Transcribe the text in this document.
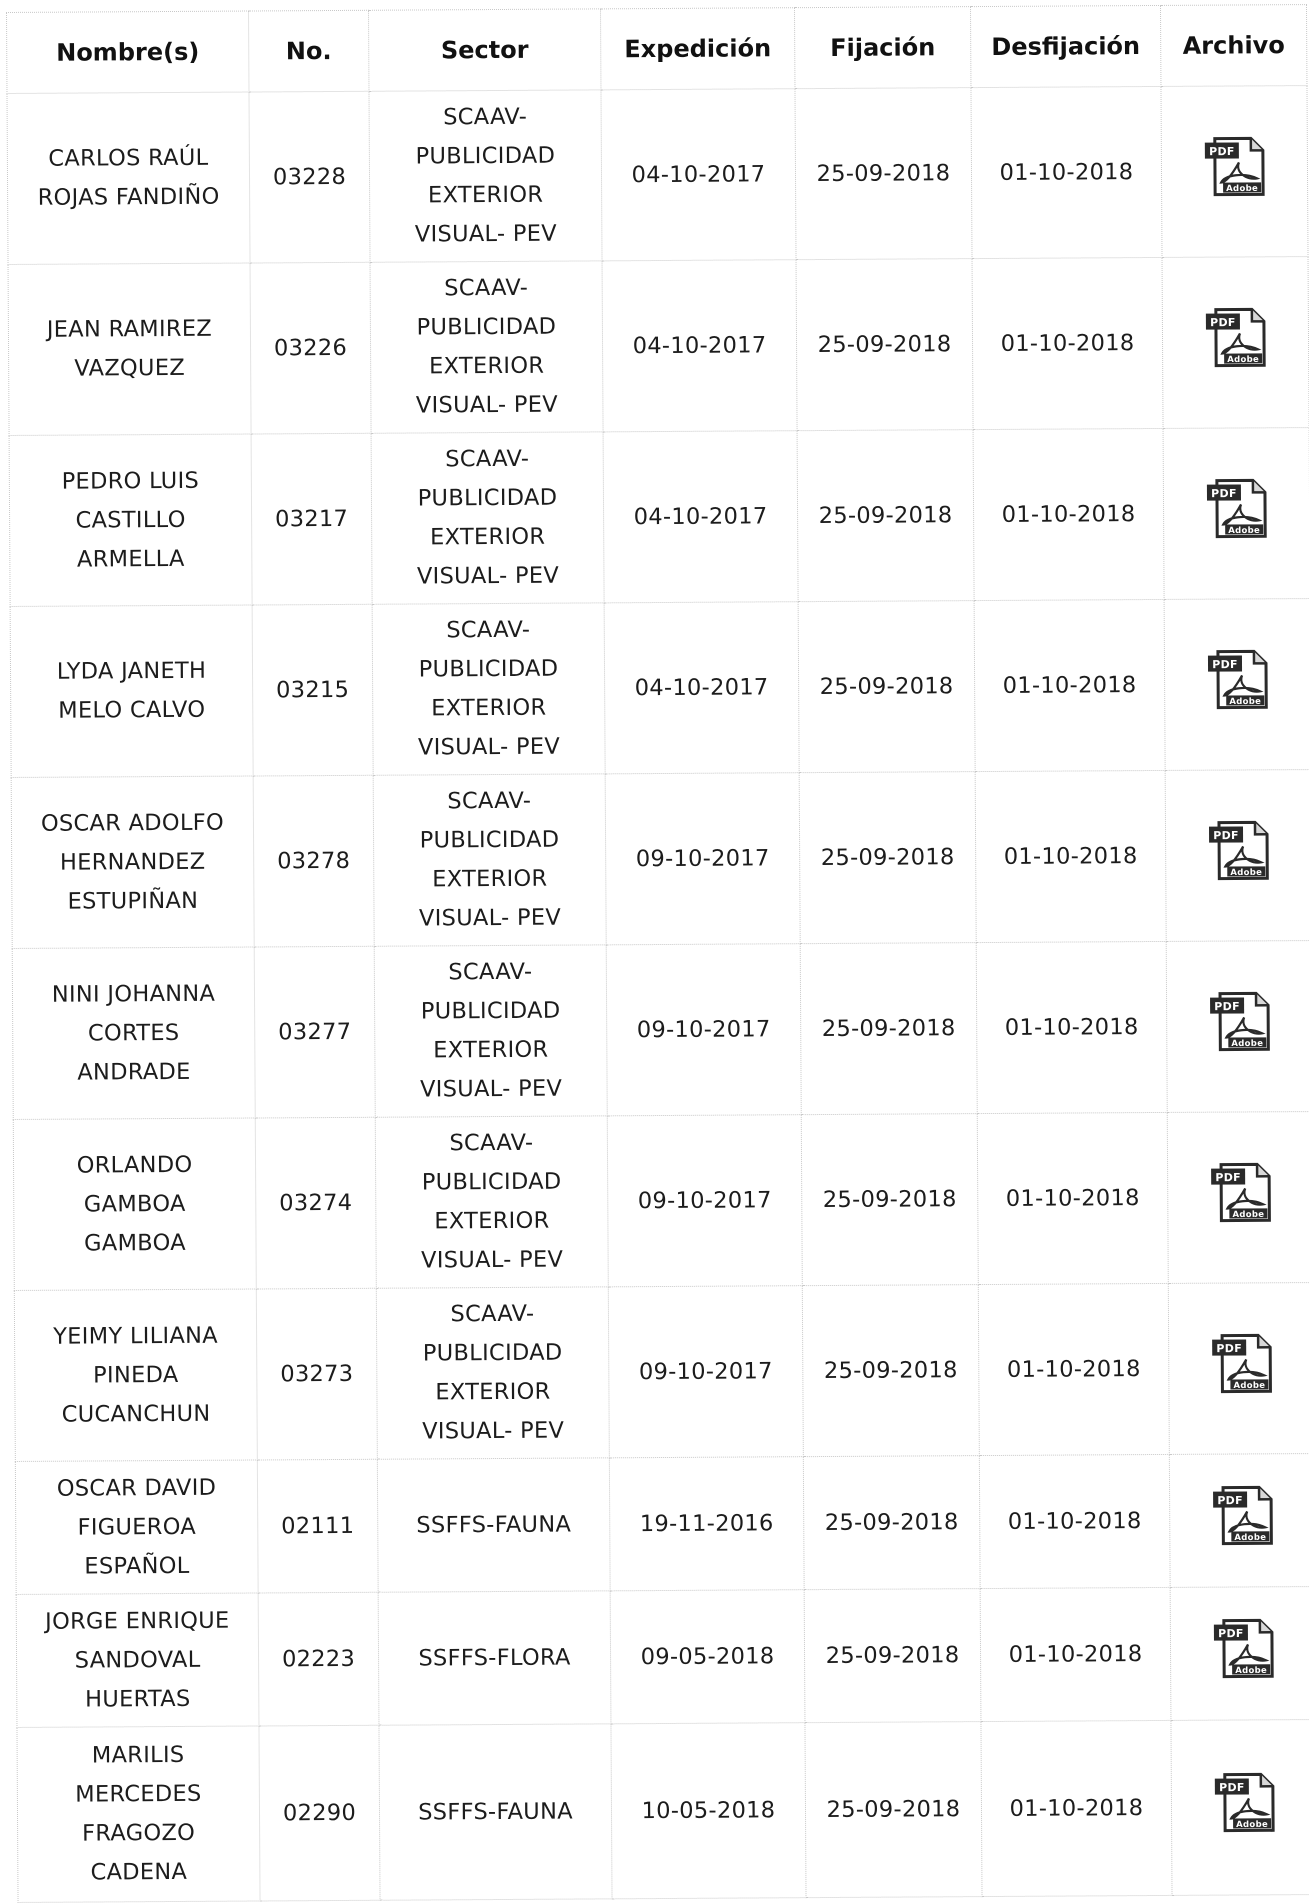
Nombre(s)	No.	Sector	Expedición	Fijación	Desfijación	Archivo
CARLOS RAÚL ROJAS FANDIÑO	03228	SCAAV-PUBLICIDAD EXTERIOR VISUAL- PEV	04-10-2017	25-09-2018	01-10-2018	PDF
Adobe

JEAN RAMIREZ VAZQUEZ	03226	SCAAV-PUBLICIDAD EXTERIOR VISUAL- PEV	04-10-2017	25-09-2018	01-10-2018	PDF
Adobe

PEDRO LUIS CASTILLO ARMELLA	03217	SCAAV-PUBLICIDAD EXTERIOR VISUAL- PEV	04-10-2017	25-09-2018	01-10-2018	PDF
Adobe

LYDA JANETH MELO CALVO	03215	SCAAV-PUBLICIDAD EXTERIOR VISUAL- PEV	04-10-2017	25-09-2018	01-10-2018	PDF
Adobe

OSCAR ADOLFO HERNANDEZ ESTUPIÑAN	03278	SCAAV-PUBLICIDAD EXTERIOR VISUAL- PEV	09-10-2017	25-09-2018	01-10-2018	PDF
Adobe

NINI JOHANNA CORTES ANDRADE	03277	SCAAV-PUBLICIDAD EXTERIOR VISUAL- PEV	09-10-2017	25-09-2018	01-10-2018	PDF
Adobe

ORLANDO GAMBOA GAMBOA	03274	SCAAV-PUBLICIDAD EXTERIOR VISUAL- PEV	09-10-2017	25-09-2018	01-10-2018	PDF
Adobe

YEIMY LILIANA PINEDA CUCANCHUN	03273	SCAAV-PUBLICIDAD EXTERIOR VISUAL- PEV	09-10-2017	25-09-2018	01-10-2018	PDF
Adobe

OSCAR DAVID FIGUEROA ESPAÑOL	02111	SSFFS-FAUNA	19-11-2016	25-09-2018	01-10-2018	PDF
Adobe

JORGE ENRIQUE SANDOVAL HUERTAS	02223	SSFFS-FLORA	09-05-2018	25-09-2018	01-10-2018	PDF
Adobe

MARILIS MERCEDES FRAGOZO CADENA	02290	SSFFS-FAUNA	10-05-2018	25-09-2018	01-10-2018	PDF
Adobe
